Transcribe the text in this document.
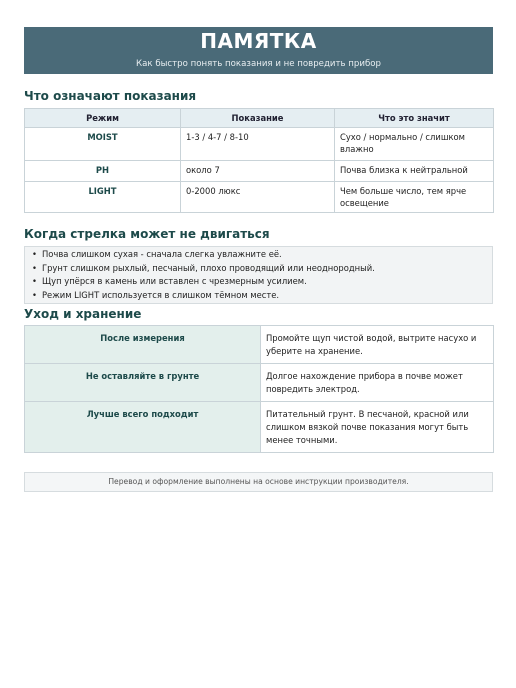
ПАМЯТКА
Как быстро понять показания и не повредить прибор
Что означают показания
Режим	Показание	Что это значит
MOIST	1-3 / 4-7 / 8-10	Сухо / нормально / слишком влажно
PH	около 7	Почва близка к нейтральной
LIGHT	0-2000 люкс	Чем больше число, тем ярче освещение
Когда стрелка может не двигаться
• Почва слишком сухая - сначала слегка увлажните её.
• Грунт слишком рыхлый, песчаный, плохо проводящий или неоднородный.
• Щуп упёрся в камень или вставлен с чрезмерным усилием.
• Режим LIGHT используется в слишком тёмном месте.
Уход и хранение
После измерения	Промойте щуп чистой водой, вытрите насухо и уберите на хранение.
Не оставляйте в грунте	Долгое нахождение прибора в почве может повредить электрод.
Лучше всего подходит	Питательный грунт. В песчаной, красной или слишком вязкой почве показания могут быть менее точными.
Перевод и оформление выполнены на основе инструкции производителя.
